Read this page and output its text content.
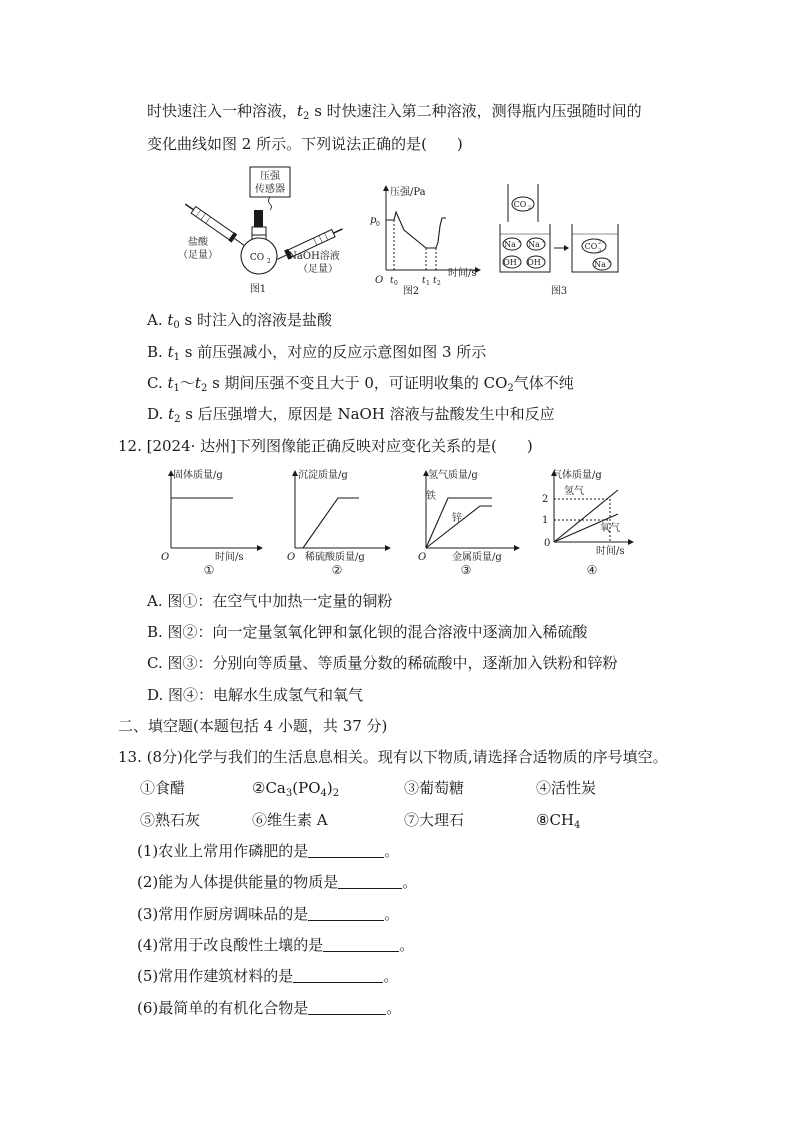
时快速注入一种溶液，$t_2$ s 时快速注入第二种溶液，测得瓶内压强随时间的
变化曲线如图 2 所示。下列说法正确的是(　　)
压强
传感器
CO 2
盐酸
（足量）	NaOH溶液
（足量）
图1
压强/Pa
p 0
O t 0	t 1 t 2
时间/s
图2
CO 2
Na + Na +
OH − OH −
CO 3
2−
Na +
图3
A. $t_0$ s 时注入的溶液是盐酸
B. $t_1$ s 前压强减小，对应的反应示意图如图 3 所示
C. $t_1\sim t_2$ s 期间压强不变且大于 0，可证明收集的 $CO_2$气体不纯
D. $t_2$ s 后压强增大，原因是 NaOH 溶液与盐酸发生中和反应
12. [2024· 达州]下列图像能正确反映对应变化关系的是(　　)
固体质量/g
O	时间/s
①
沉淀质量/g
O 稀硫酸质量/g
②
氢气质量/g
铁
锌
O	金属质量/g
③
气体质量/g
2
1
氢气
氧气
0
时间/s
④
A. 图①：在空气中加热一定量的铜粉
B. 图②：向一定量氢氧化钾和氯化钡的混合溶液中逐滴加入稀硫酸
C. 图③：分别向等质量、等质量分数的稀硫酸中，逐渐加入铁粉和锌粉
D. 图④：电解水生成氢气和氧气
二、填空题(本题包括 4 小题，共 37 分)
13. (8分)化学与我们的生活息息相关。现有以下物质,请选择合适物质的序号填空。
①食醋	$②Ca_3(PO_4)_2$	③葡萄糖	④活性炭
⑤熟石灰	⑥维生素 A	⑦大理石	$⑧CH_4$
(1)农业上常用作磷肥的是	。
(2)能为人体提供能量的物质是	。
(3)常用作厨房调味品的是	。
(4)常用于改良酸性土壤的是	。
(5)常用作建筑材料的是	。
(6)最简单的有机化合物是	。
